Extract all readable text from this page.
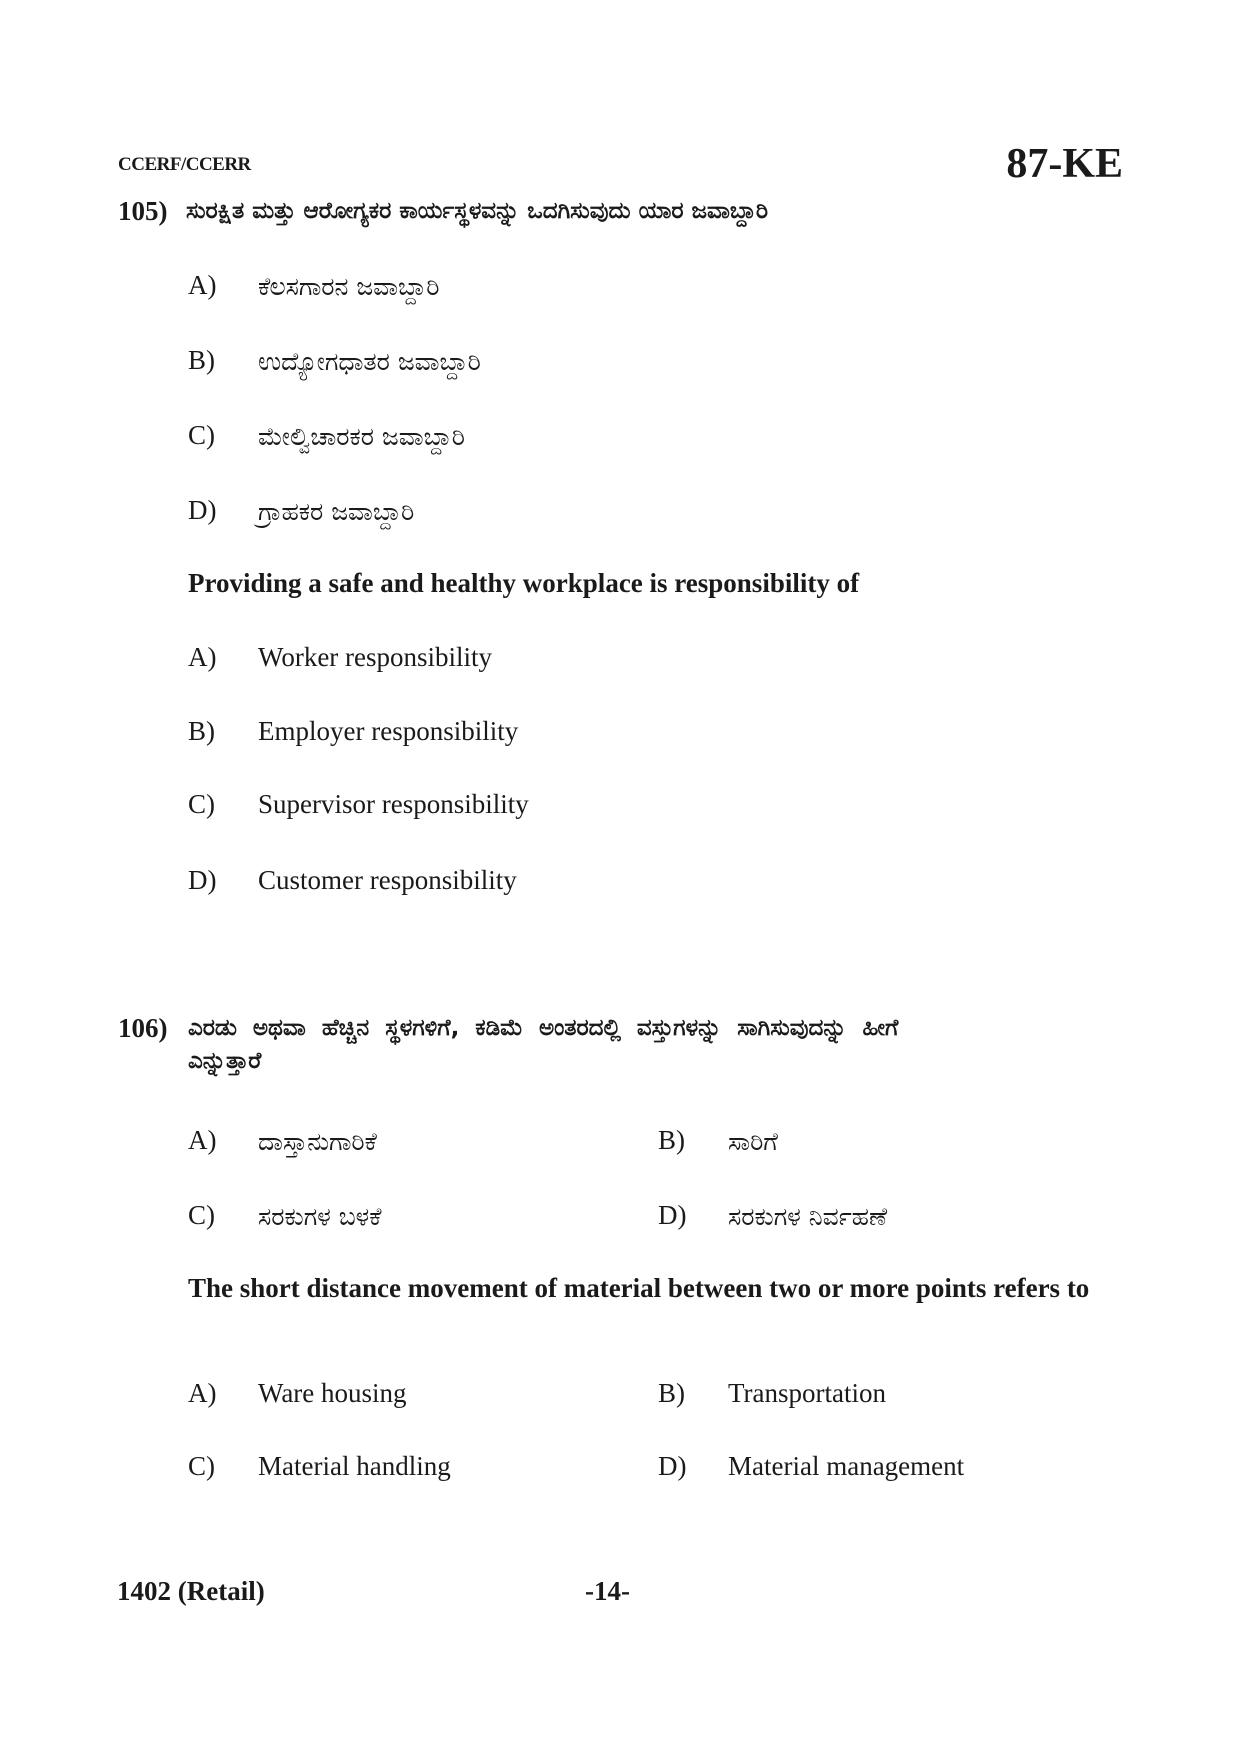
CCERF/CCERR	87-KE
105) ಸುರಕ್ಷಿತ ಮತ್ತು ಆರೋಗ್ಯಕರ ಕಾರ್ಯಸ್ಥಳವನ್ನು ಒದಗಿಸುವುದು ಯಾರ ಜವಾಬ್ದಾರಿ
A) ಕೆಲಸಗಾರನ ಜವಾಬ್ದಾರಿ
B) ಉದ್ಯೋಗಧಾತರ ಜವಾಬ್ದಾರಿ
C) ಮೇಲ್ವಿಚಾರಕರ ಜವಾಬ್ದಾರಿ
D) ಗ್ರಾಹಕರ ಜವಾಬ್ದಾರಿ
Providing a safe and healthy workplace is responsibility of
A) Worker responsibility
B) Employer responsibility
C) Supervisor responsibility
D) Customer responsibility
106) ಎರಡು ಅಥವಾ ಹೆಚ್ಚಿನ ಸ್ಥಳಗಳಿಗೆ, ಕಡಿಮೆ ಅಂತರದಲ್ಲಿ ವಸ್ತುಗಳನ್ನು ಸಾಗಿಸುವುದನ್ನು ಹೀಗೆ
ಎನ್ನುತ್ತಾರೆ
A) ದಾಸ್ತಾನುಗಾರಿಕೆ	B) ಸಾರಿಗೆ
C) ಸರಕುಗಳ ಬಳಕೆ	D) ಸರಕುಗಳ ನಿರ್ವಹಣೆ
The short distance movement of material between two or more points refers to
A) Ware housing	B) Transportation
C) Material handling	D) Material management
1402 (Retail)	-14-
